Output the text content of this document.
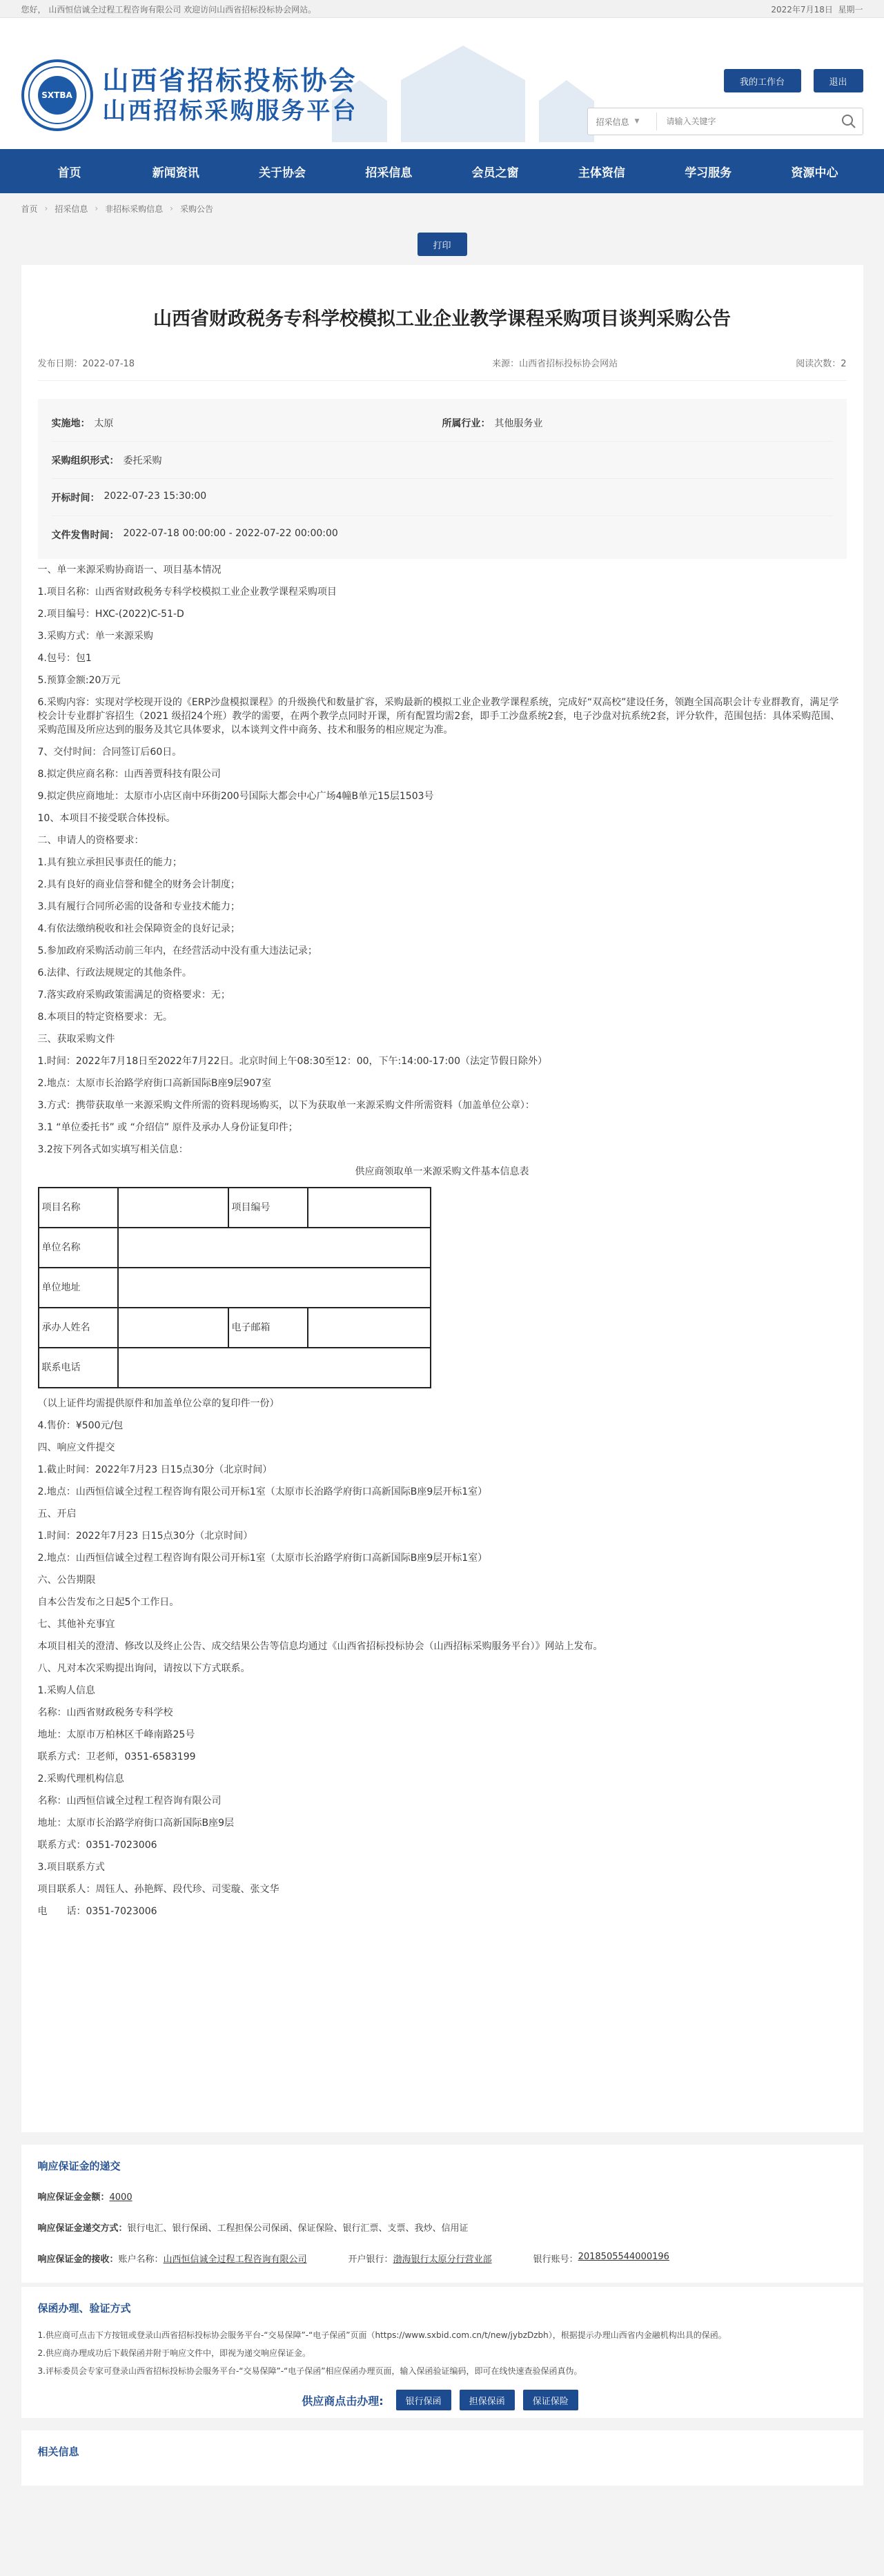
您好， 山西恒信诚全过程工程咨询有限公司 欢迎访问山西省招标投标协会网站。	2022年7月18日 星期一
SXTBA 山西省招标投标协会
山西招标采购服务平台
我的工作台	退出
招采信息 ▼
请输入关键字
首页	新闻资讯	关于协会	招采信息	会员之窗	主体资信	学习服务	资源中心
首页 › 招采信息 › 非招标采购信息 › 采购公告
打印
山西省财政税务专科学校模拟工业企业教学课程采购项目谈判采购公告
发布日期：2022-07-18	来源：山西省招标投标协会网站	阅读次数：2
实施地： 太原	所属行业： 其他服务业
采购组织形式： 委托采购
开标时间： 2022-07-23 15:30:00
文件发售时间： 2022-07-18 00:00:00 - 2022-07-22 00:00:00

一、单一来源采购协商语一、项目基本情况

1.项目名称：山西省财政税务专科学校模拟工业企业教学课程采购项目

2.项目编号：HXC-(2022)C-51-D

3.采购方式：单一来源采购

4.包号：包1

5.预算金额:20万元

6.采购内容：实现对学校现开设的《ERP沙盘模拟课程》的升级换代和数量扩容，采购最新的模拟工业企业教学课程系统，完成好“双高校”建设任务，领跑全国高职会计专业群教育，满足学校会计专业群扩容招生（2021 级招24个班）教学的需要，在两个教学点同时开课，所有配置均需2套，即手工沙盘系统2套，电子沙盘对抗系统2套，评分软件，范围包括：具体采购范围、采购范围及所应达到的服务及其它具体要求，以本谈判文件中商务、技术和服务的相应规定为准。

7、交付时间：合同签订后60日。

8.拟定供应商名称：山西善贾科技有限公司

9.拟定供应商地址：太原市小店区南中环街200号国际大都会中心广场4幢B单元15层1503号

10、本项目不接受联合体投标。

二、申请人的资格要求：

1.具有独立承担民事责任的能力；

2.具有良好的商业信誉和健全的财务会计制度；

3.具有履行合同所必需的设备和专业技术能力；

4.有依法缴纳税收和社会保障资金的良好记录；

5.参加政府采购活动前三年内，在经营活动中没有重大违法记录；

6.法律、行政法规规定的其他条件。

7.落实政府采购政策需满足的资格要求：无；

8.本项目的特定资格要求：无。

三、获取采购文件

1.时间：2022年7月18日至2022年7月22日。北京时间上午08:30至12：00，下午:14:00-17:00（法定节假日除外）

2.地点：太原市长治路学府街口高新国际B座9层907室

3.方式：携带获取单一来源采购文件所需的资料现场购买，以下为获取单一来源采购文件所需资料（加盖单位公章）：

3.1 “单位委托书” 或 “介绍信” 原件及承办人身份证复印件；

3.2按下列各式如实填写相关信息：

供应商领取单一来源采购文件基本信息表
项目名称		项目编号	
单位名称			
单位地址			
承办人姓名		电子邮箱	
联系电话			

（以上证件均需提供原件和加盖单位公章的复印件一份）

4.售价：¥500元/包

四、响应文件提交

1.截止时间：2022年7月23 日15点30分（北京时间）

2.地点：山西恒信诚全过程工程咨询有限公司开标1室（太原市长治路学府街口高新国际B座9层开标1室）

五、开启

1.时间：2022年7月23 日15点30分（北京时间）

2.地点：山西恒信诚全过程工程咨询有限公司开标1室（太原市长治路学府街口高新国际B座9层开标1室）

六、公告期限

自本公告发布之日起5个工作日。

七、其他补充事宜

本项目相关的澄清、修改以及终止公告、成交结果公告等信息均通过《山西省招标投标协会（山西招标采购服务平台）》网站上发布。

八、凡对本次采购提出询问，请按以下方式联系。

1.采购人信息

名称：山西省财政税务专科学校

地址：太原市万柏林区千峰南路25号

联系方式：卫老师，0351-6583199

2.采购代理机构信息

名称：山西恒信诚全过程工程咨询有限公司

地址：太原市长治路学府街口高新国际B座9层

联系方式：0351-7023006

3.项目联系方式

项目联系人：周钰人、孙艳辉、段代珍、司雯璇、张文华

电　　话：0351-7023006

响应保证金的递交
响应保证金金额：4000
响应保证金递交方式：银行电汇、银行保函、工程担保公司保函、保证保险、银行汇票、支票、我炒、信用证
响应保证金的接收： 账户名称： 山西恒信诚全过程工程咨询有限公司	开户银行： 渤海银行太原分行营业部	银行账号： 2018505544000196
保函办理、验证方式
1.供应商可点击下方按钮或登录山西省招标投标协会服务平台-“交易保障”-“电子保函”页面（https://www.sxbid.com.cn/t/new/jybzDzbh），根据提示办理山西省内金融机构出具的保函。
2.供应商办理成功后下载保函并附于响应文件中，即视为递交响应保证金。
3.评标委员会专家可登录山西省招标投标协会服务平台-“交易保障”-“电子保函”相应保函办理页面，输入保函验证编码，即可在线快速查验保函真伪。
供应商点击办理:	银行保函	担保保函	保证保险
相关信息
